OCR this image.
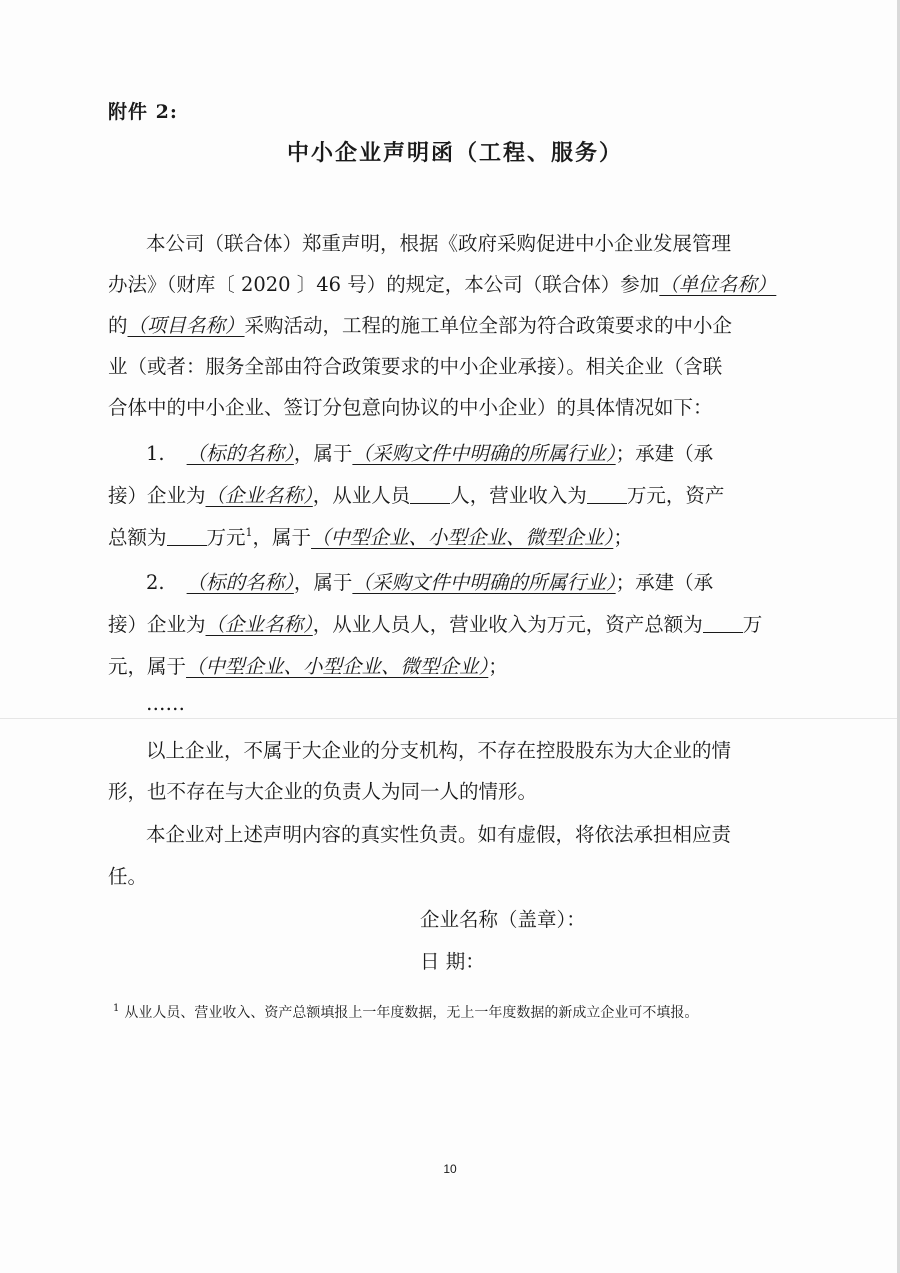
附件 2:
中小企业声明函（工程、服务）
本公司（联合体）郑重声明，根据《政府采购促进中小企业发展管理
办法》（财库〔 2020 〕46 号）的规定，本公司（联合体）参加（单位名称）
的（项目名称）采购活动，工程的施工单位全部为符合政策要求的中小企
业（或者：服务全部由符合政策要求的中小企业承接）。相关企业（含联
合体中的中小企业、签订分包意向协议的中小企业）的具体情况如下：
1. （标的名称），属于（采购文件中明确的所属行业）；承建（承
接）企业为（企业名称），从业人员 人，营业收入为 万元，资产
总额为 万元$^1$，属于（中型企业、小型企业、微型企业）；
2. （标的名称），属于（采购文件中明确的所属行业）；承建（承
接）企业为（企业名称），从业人员人，营业收入为万元，资产总额为 万
元，属于（中型企业、小型企业、微型企业）；
……
以上企业，不属于大企业的分支机构，不存在控股股东为大企业的情
形，也不存在与大企业的负责人为同一人的情形。
本企业对上述声明内容的真实性负责。如有虚假，将依法承担相应责
任。
企业名称（盖章）：
日 期：
$^1$ 从业人员、营业收入、资产总额填报上一年度数据，无上一年度数据的新成立企业可不填报。
10
